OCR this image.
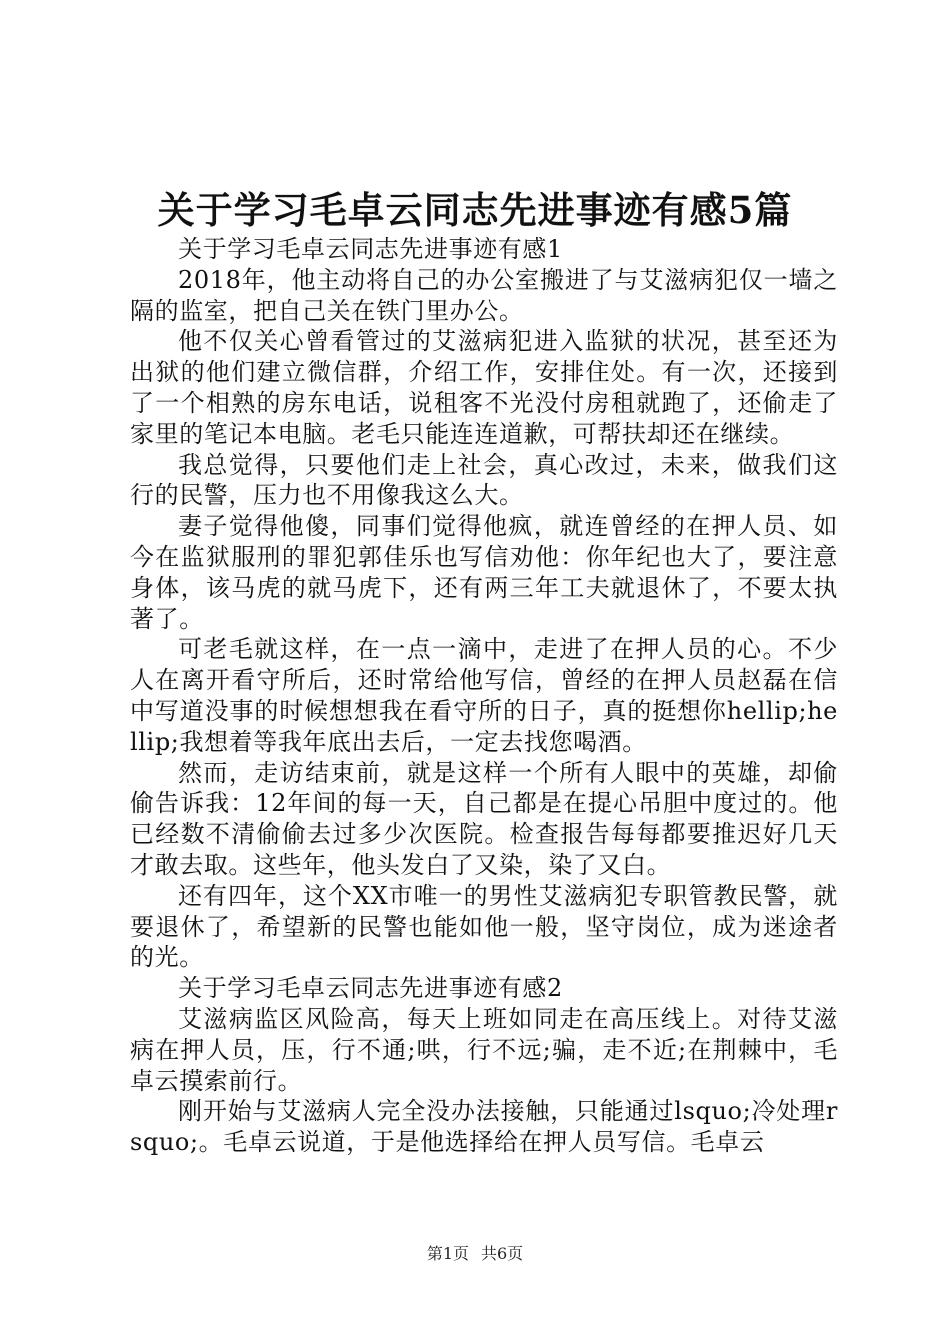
关于学习毛卓云同志先进事迹有感5篇

关于学习毛卓云同志先进事迹有感1

2018年，他主动将自己的办公室搬进了与艾滋病犯仅一墙之隔的监室，把自己关在铁门里办公。

他不仅关心曾看管过的艾滋病犯进入监狱的状况，甚至还为出狱的他们建立微信群，介绍工作，安排住处。有一次，还接到了一个相熟的房东电话，说租客不光没付房租就跑了，还偷走了家里的笔记本电脑。老毛只能连连道歉，可帮扶却还在继续。

我总觉得，只要他们走上社会，真心改过，未来，做我们这行的民警，压力也不用像我这么大。

妻子觉得他傻，同事们觉得他疯，就连曾经的在押人员、如今在监狱服刑的罪犯郭佳乐也写信劝他：你年纪也大了，要注意身体，该马虎的就马虎下，还有两三年工夫就退休了，不要太执著了。

可老毛就这样，在一点一滴中，走进了在押人员的心。不少人在离开看守所后，还时常给他写信，曾经的在押人员赵磊在信中写道没事的时候想想我在看守所的日子，真的挺想你hellip;hellip;我想着等我年底出去后，一定去找您喝酒。

然而，走访结束前，就是这样一个所有人眼中的英雄，却偷偷告诉我：12年间的每一天，自己都是在提心吊胆中度过的。他已经数不清偷偷去过多少次医院。检查报告每每都要推迟好几天才敢去取。这些年，他头发白了又染，染了又白。

还有四年，这个XX市唯一的男性艾滋病犯专职管教民警，就要退休了，希望新的民警也能如他一般，坚守岗位，成为迷途者的光。

关于学习毛卓云同志先进事迹有感2

艾滋病监区风险高，每天上班如同走在高压线上。对待艾滋病在押人员，压，行不通;哄，行不远;骗，走不近;在荆棘中，毛卓云摸索前行。

刚开始与艾滋病人完全没办法接触，只能通过lsquo;冷处理rsquo;。毛卓云说道，于是他选择给在押人员写信。毛卓云

第1页 共6页
